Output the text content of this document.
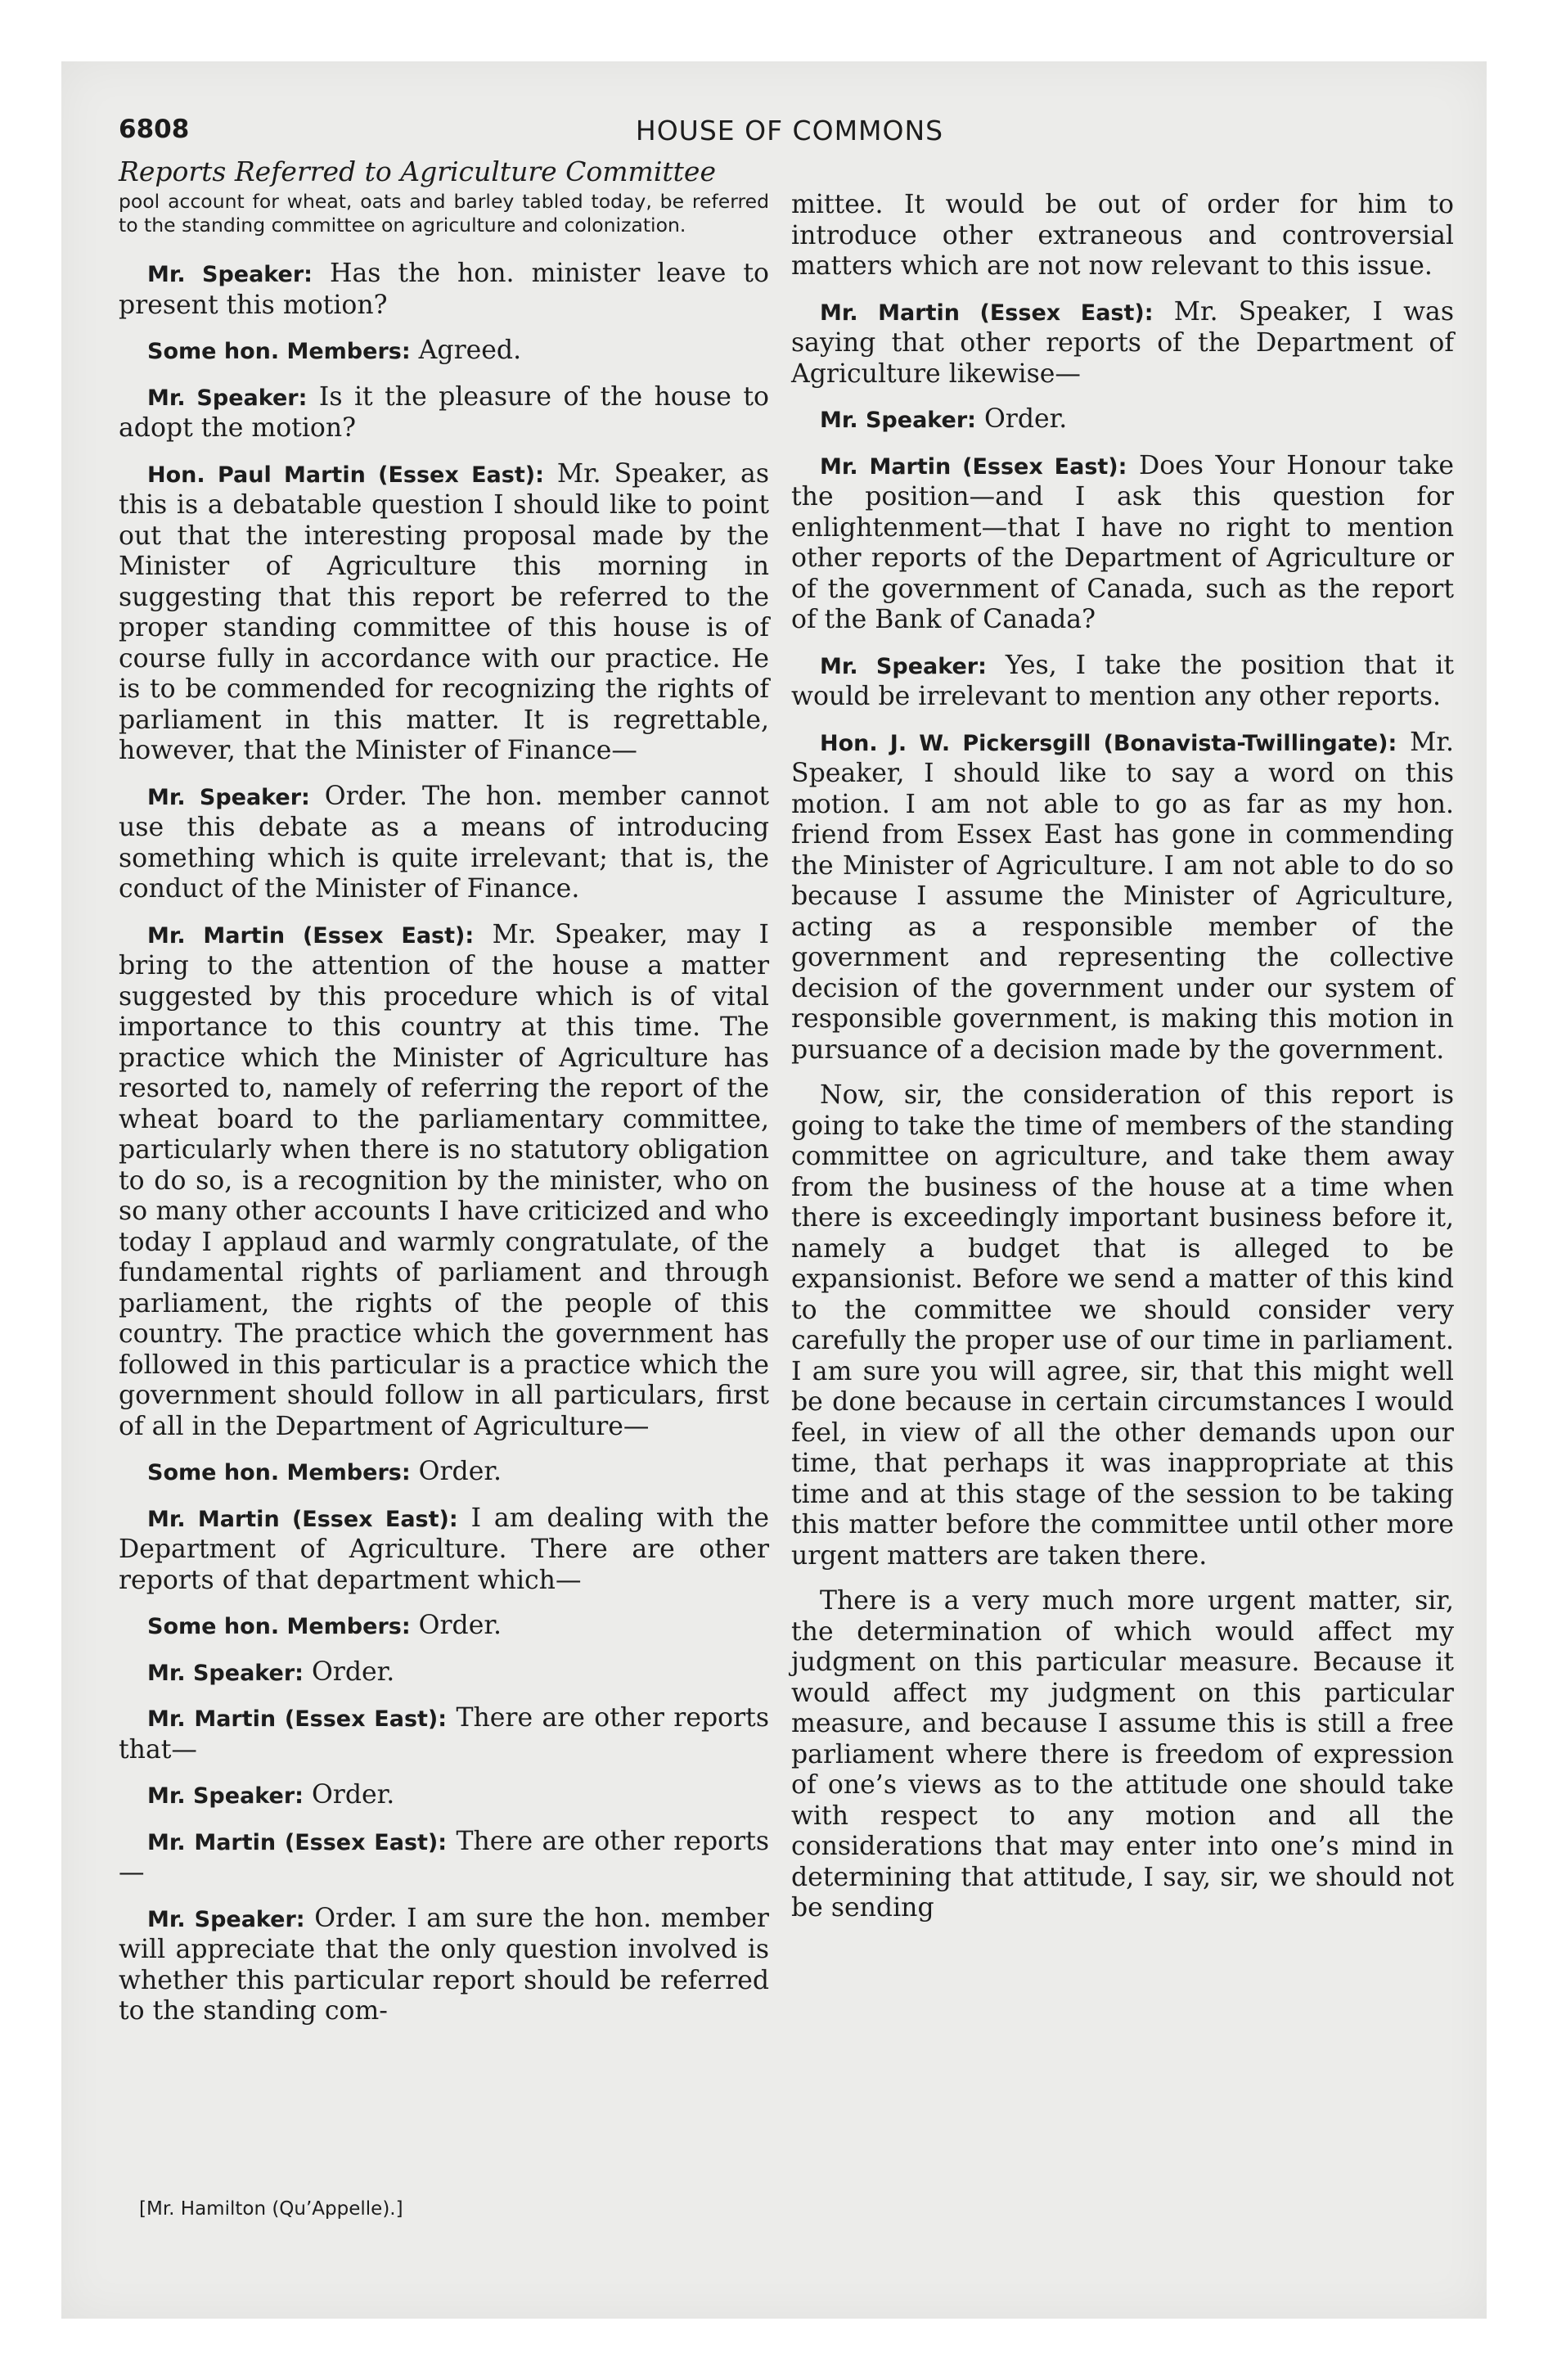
6808	HOUSE OF COMMONS
Reports Referred to Agriculture Committee

pool account for wheat, oats and barley tabled today, be referred to the standing committee on agriculture and colonization.

Mr. Speaker: Has the hon. minister leave to present this motion?

Some hon. Members: Agreed.

Mr. Speaker: Is it the pleasure of the house to adopt the motion?

Hon. Paul Martin (Essex East): Mr. Speaker, as this is a debatable question I should like to point out that the interesting proposal made by the Minister of Agriculture this morning in suggesting that this report be referred to the proper standing committee of this house is of course fully in accordance with our practice. He is to be commended for recognizing the rights of parliament in this matter. It is regrettable, however, that the Minister of Finance—

Mr. Speaker: Order. The hon. member cannot use this debate as a means of introducing something which is quite irrelevant; that is, the conduct of the Minister of Finance.

Mr. Martin (Essex East): Mr. Speaker, may I bring to the attention of the house a matter suggested by this procedure which is of vital importance to this country at this time. The practice which the Minister of Agriculture has resorted to, namely of referring the report of the wheat board to the parliamentary committee, particularly when there is no statutory obligation to do so, is a recognition by the minister, who on so many other accounts I have criticized and who today I applaud and warmly congratulate, of the fundamental rights of parliament and through parliament, the rights of the people of this country. The practice which the government has followed in this particular is a practice which the government should follow in all particulars, first of all in the Department of Agriculture—

Some hon. Members: Order.

Mr. Martin (Essex East): I am dealing with the Department of Agriculture. There are other reports of that department which—

Some hon. Members: Order.

Mr. Speaker: Order.

Mr. Martin (Essex East): There are other reports that—

Mr. Speaker: Order.

Mr. Martin (Essex East): There are other reports—

Mr. Speaker: Order. I am sure the hon. member will appreciate that the only question involved is whether this particular report should be referred to the standing com-

mittee. It would be out of order for him to introduce other extraneous and controversial matters which are not now relevant to this issue.

Mr. Martin (Essex East): Mr. Speaker, I was saying that other reports of the Department of Agriculture likewise—

Mr. Speaker: Order.

Mr. Martin (Essex East): Does Your Honour take the position—and I ask this question for enlightenment—that I have no right to mention other reports of the Department of Agriculture or of the government of Canada, such as the report of the Bank of Canada?

Mr. Speaker: Yes, I take the position that it would be irrelevant to mention any other reports.

Hon. J. W. Pickersgill (Bonavista-Twillingate): Mr. Speaker, I should like to say a word on this motion. I am not able to go as far as my hon. friend from Essex East has gone in commending the Minister of Agriculture. I am not able to do so because I assume the Minister of Agriculture, acting as a responsible member of the government and representing the collective decision of the government under our system of responsible government, is making this motion in pursuance of a decision made by the government.

Now, sir, the consideration of this report is going to take the time of members of the standing committee on agriculture, and take them away from the business of the house at a time when there is exceedingly important business before it, namely a budget that is alleged to be expansionist. Before we send a matter of this kind to the committee we should consider very carefully the proper use of our time in parliament. I am sure you will agree, sir, that this might well be done because in certain circumstances I would feel, in view of all the other demands upon our time, that perhaps it was inappropriate at this time and at this stage of the session to be taking this matter before the committee until other more urgent matters are taken there.

There is a very much more urgent matter, sir, the determination of which would affect my judgment on this particular measure. Because it would affect my judgment on this particular measure, and because I assume this is still a free parliament where there is freedom of expression of one’s views as to the attitude one should take with respect to any motion and all the considerations that may enter into one’s mind in determining that attitude, I say, sir, we should not be sending

[Mr. Hamilton (Qu’Appelle).]
